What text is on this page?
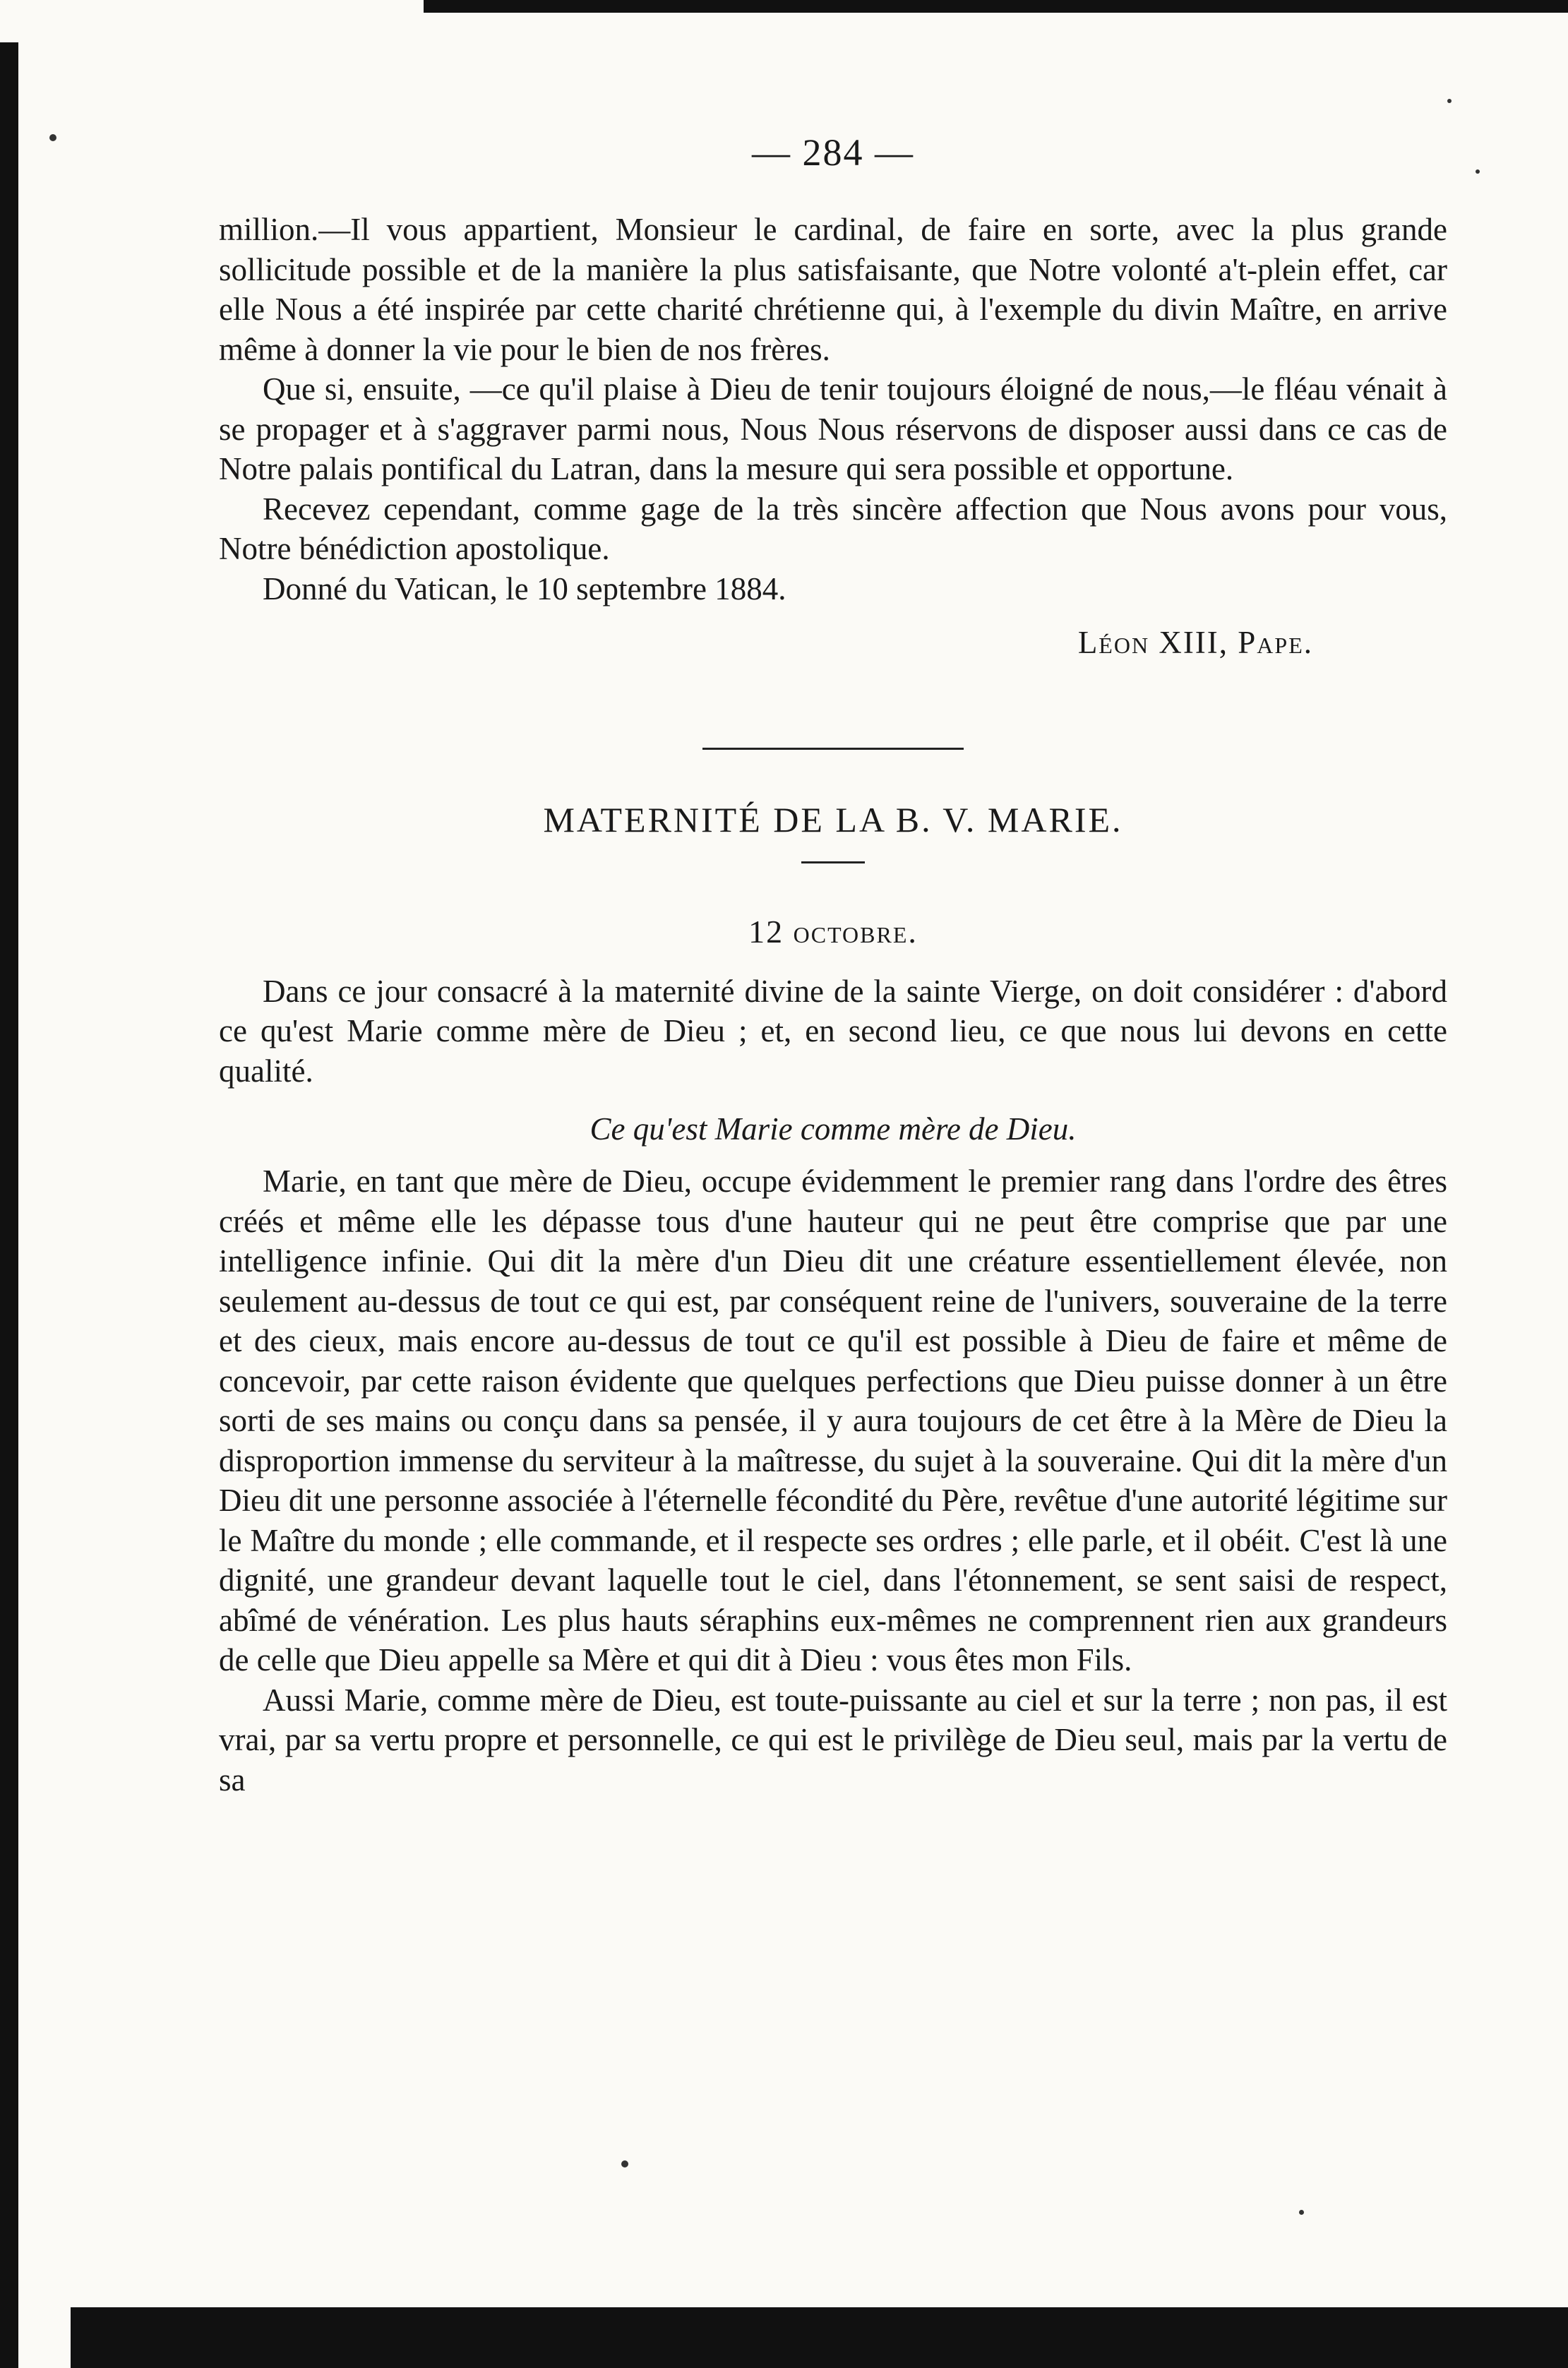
— 284 —

million.—Il vous appartient, Monsieur le cardinal, de faire en sorte, avec la plus grande sollicitude possible et de la manière la plus satisfaisante, que Notre volonté a't-plein effet, car elle Nous a été inspirée par cette charité chrétienne qui, à l'exemple du divin Maître, en arrive même à donner la vie pour le bien de nos frères.

Que si, ensuite, —ce qu'il plaise à Dieu de tenir toujours éloigné de nous,—le fléau vénait à se propager et à s'aggraver parmi nous, Nous Nous réservons de disposer aussi dans ce cas de Notre palais pontifical du Latran, dans la mesure qui sera possible et opportune.

Recevez cependant, comme gage de la très sincère affection que Nous avons pour vous, Notre bénédiction apostolique.

Donné du Vatican, le 10 septembre 1884.

Léon XIII, Pape.
MATERNITÉ DE LA B. V. MARIE.
12 octobre.

Dans ce jour consacré à la maternité divine de la sainte Vierge, on doit considérer : d'abord ce qu'est Marie comme mère de Dieu ; et, en second lieu, ce que nous lui devons en cette qualité.

Ce qu'est Marie comme mère de Dieu.

Marie, en tant que mère de Dieu, occupe évidemment le premier rang dans l'ordre des êtres créés et même elle les dépasse tous d'une hauteur qui ne peut être comprise que par une intelligence infinie. Qui dit la mère d'un Dieu dit une créature essentiellement élevée, non seulement au-dessus de tout ce qui est, par conséquent reine de l'univers, souveraine de la terre et des cieux, mais encore au-dessus de tout ce qu'il est possible à Dieu de faire et même de concevoir, par cette raison évidente que quelques perfections que Dieu puisse donner à un être sorti de ses mains ou conçu dans sa pensée, il y aura toujours de cet être à la Mère de Dieu la disproportion immense du serviteur à la maîtresse, du sujet à la souveraine. Qui dit la mère d'un Dieu dit une personne associée à l'éternelle fécondité du Père, revêtue d'une autorité légitime sur le Maître du monde ; elle commande, et il respecte ses ordres ; elle parle, et il obéit. C'est là une dignité, une grandeur devant laquelle tout le ciel, dans l'étonnement, se sent saisi de respect, abîmé de vénération. Les plus hauts séraphins eux-mêmes ne comprennent rien aux grandeurs de celle que Dieu appelle sa Mère et qui dit à Dieu : vous êtes mon Fils.

Aussi Marie, comme mère de Dieu, est toute-puissante au ciel et sur la terre ; non pas, il est vrai, par sa vertu propre et personnelle, ce qui est le privilège de Dieu seul, mais par la vertu de sa
